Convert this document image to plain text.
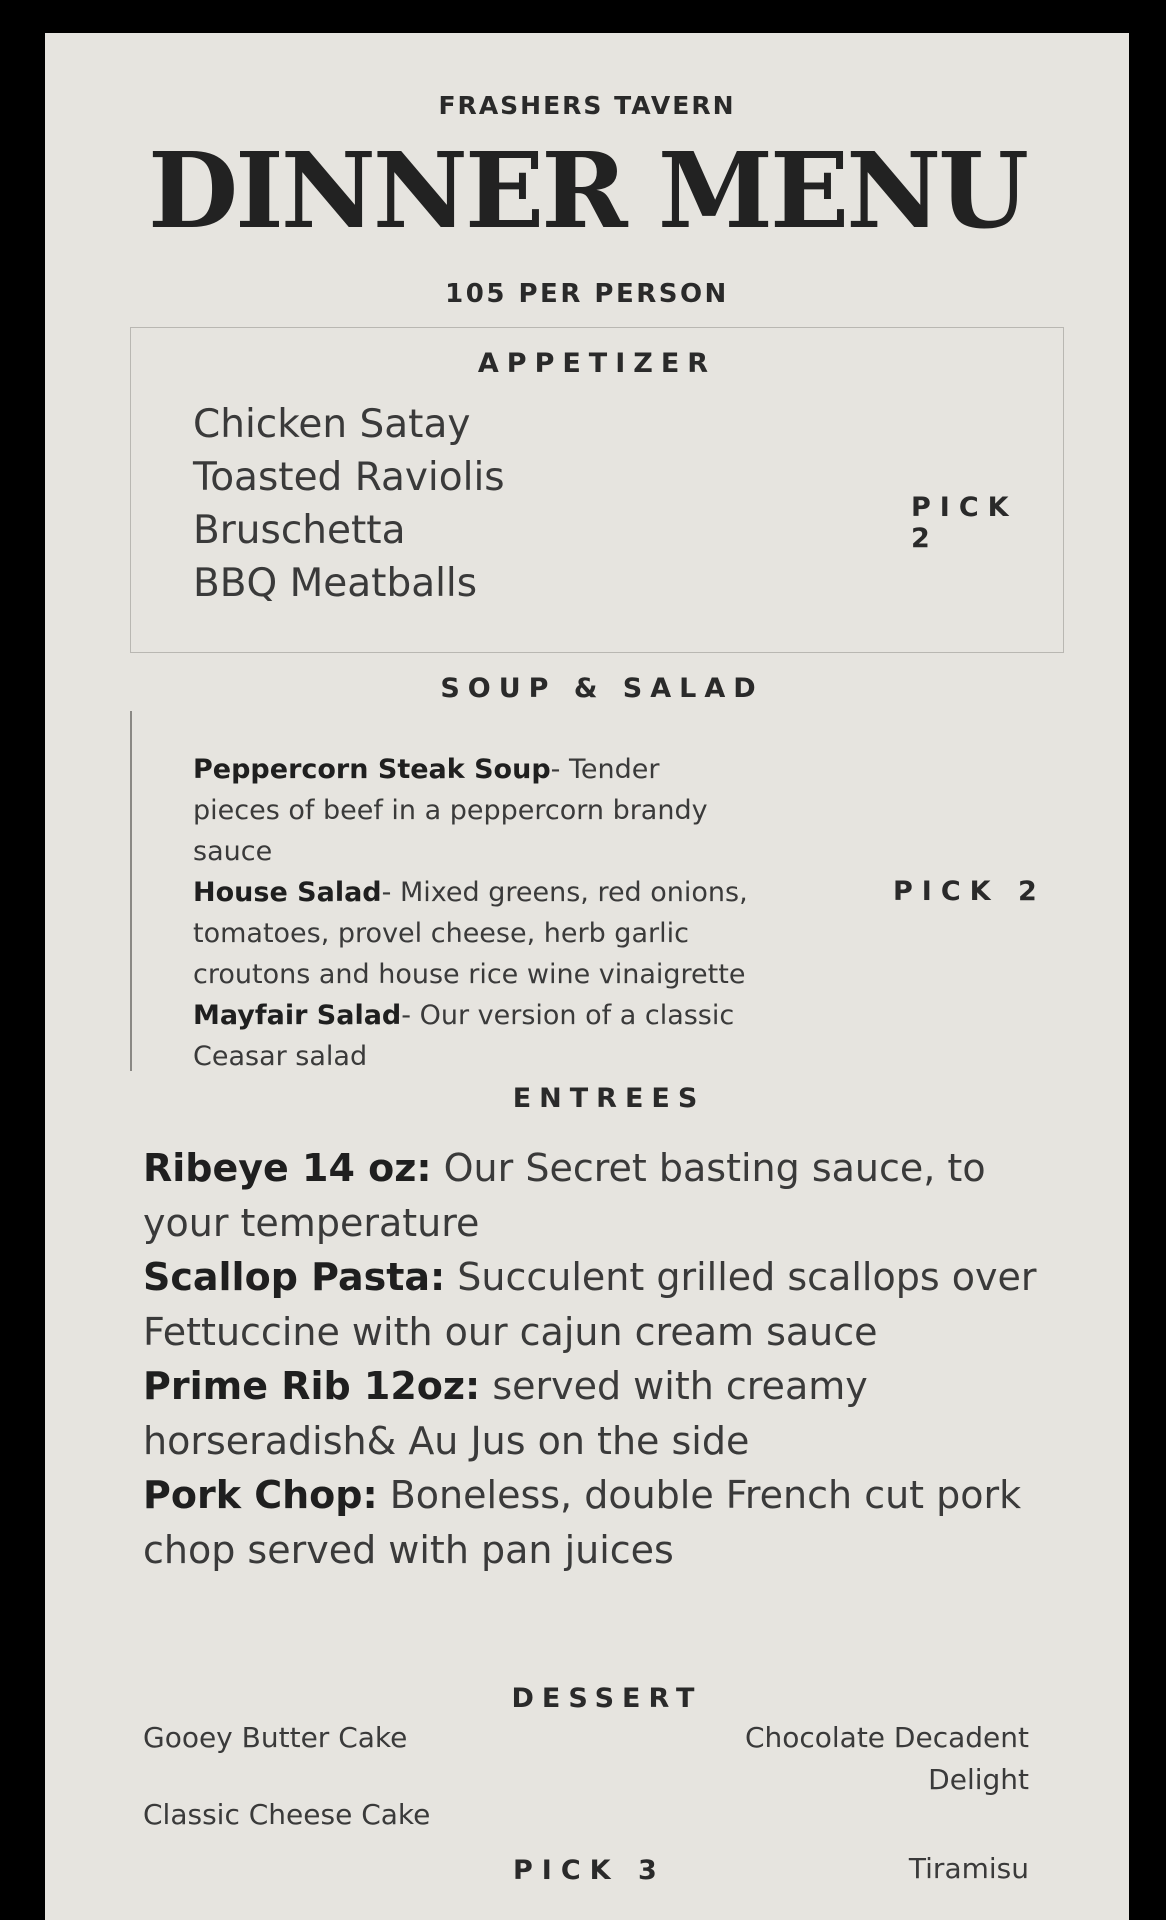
FRASHERS TAVERN
DINNER MENU
105 PER PERSON
APPETIZER
Chicken Satay
Toasted Raviolis
Bruschetta
BBQ Meatballs
PICK 2
SOUP & SALAD
Peppercorn Steak Soup- Tender pieces of beef in a peppercorn brandy sauce
House Salad- Mixed greens, red onions, tomatoes, provel cheese, herb garlic croutons and house rice wine vinaigrette
Mayfair Salad- Our version of a classic Ceasar salad
PICK 2
ENTREES
Ribeye 14 oz: Our Secret basting sauce, to your temperature
Scallop Pasta: Succulent grilled scallops over Fettuccine with our cajun cream sauce
Prime Rib 12oz: served with creamy horseradish& Au Jus on the side
Pork Chop: Boneless, double French cut pork chop served with pan juices
DESSERT
Gooey Butter Cake
Classic Cheese Cake
Chocolate Decadent Delight
Tiramisu
PICK 3
